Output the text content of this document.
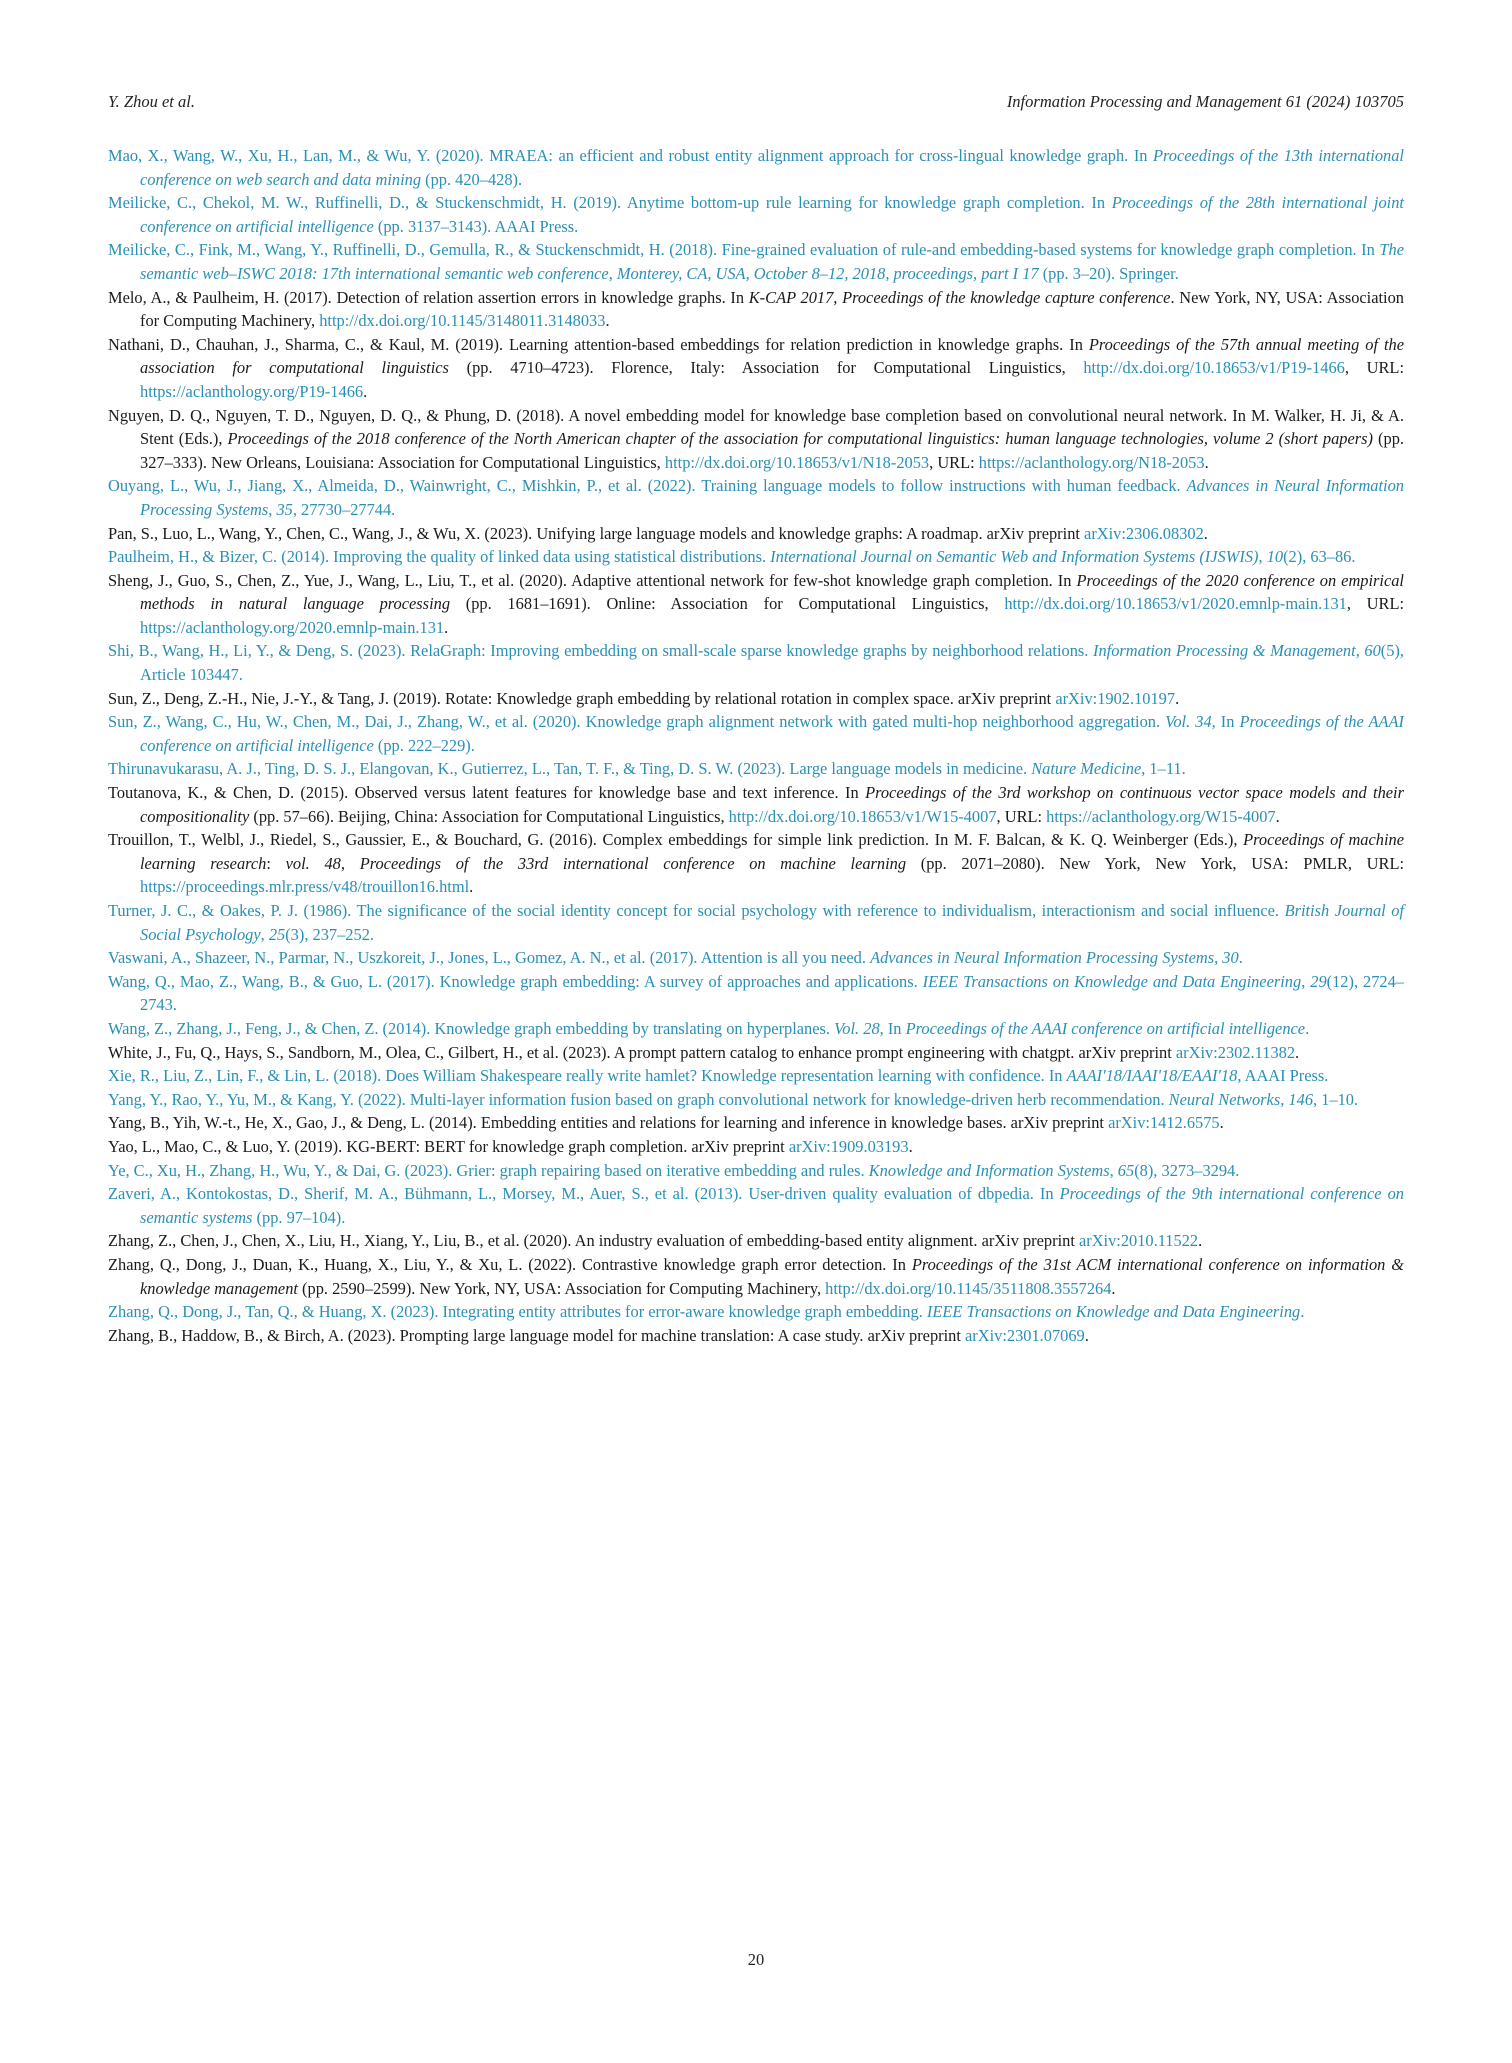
Y. Zhou et al.	Information Processing and Management 61 (2024) 103705
Mao, X., Wang, W., Xu, H., Lan, M., & Wu, Y. (2020). MRAEA: an efficient and robust entity alignment approach for cross-lingual knowledge graph. In Proceedings of the 13th international conference on web search and data mining (pp. 420–428).
Meilicke, C., Chekol, M. W., Ruffinelli, D., & Stuckenschmidt, H. (2019). Anytime bottom-up rule learning for knowledge graph completion. In Proceedings of the 28th international joint conference on artificial intelligence (pp. 3137–3143). AAAI Press.
Meilicke, C., Fink, M., Wang, Y., Ruffinelli, D., Gemulla, R., & Stuckenschmidt, H. (2018). Fine-grained evaluation of rule-and embedding-based systems for knowledge graph completion. In The semantic web–ISWC 2018: 17th international semantic web conference, Monterey, CA, USA, October 8–12, 2018, proceedings, part I 17 (pp. 3–20). Springer.
Melo, A., & Paulheim, H. (2017). Detection of relation assertion errors in knowledge graphs. In K-CAP 2017, Proceedings of the knowledge capture conference. New York, NY, USA: Association for Computing Machinery, http://dx.doi.org/10.1145/3148011.3148033.
Nathani, D., Chauhan, J., Sharma, C., & Kaul, M. (2019). Learning attention-based embeddings for relation prediction in knowledge graphs. In Proceedings of the 57th annual meeting of the association for computational linguistics (pp. 4710–4723). Florence, Italy: Association for Computational Linguistics, http://dx.doi.org/10.18653/v1/P19-1466, URL: https://aclanthology.org/P19-1466.
Nguyen, D. Q., Nguyen, T. D., Nguyen, D. Q., & Phung, D. (2018). A novel embedding model for knowledge base completion based on convolutional neural network. In M. Walker, H. Ji, & A. Stent (Eds.), Proceedings of the 2018 conference of the North American chapter of the association for computational linguistics: human language technologies, volume 2 (short papers) (pp. 327–333). New Orleans, Louisiana: Association for Computational Linguistics, http://dx.doi.org/10.18653/v1/N18-2053, URL: https://aclanthology.org/N18-2053.
Ouyang, L., Wu, J., Jiang, X., Almeida, D., Wainwright, C., Mishkin, P., et al. (2022). Training language models to follow instructions with human feedback. Advances in Neural Information Processing Systems, 35, 27730–27744.
Pan, S., Luo, L., Wang, Y., Chen, C., Wang, J., & Wu, X. (2023). Unifying large language models and knowledge graphs: A roadmap. arXiv preprint arXiv:2306.08302.
Paulheim, H., & Bizer, C. (2014). Improving the quality of linked data using statistical distributions. International Journal on Semantic Web and Information Systems (IJSWIS), 10(2), 63–86.
Sheng, J., Guo, S., Chen, Z., Yue, J., Wang, L., Liu, T., et al. (2020). Adaptive attentional network for few-shot knowledge graph completion. In Proceedings of the 2020 conference on empirical methods in natural language processing (pp. 1681–1691). Online: Association for Computational Linguistics, http://dx.doi.org/10.18653/v1/2020.emnlp-main.131, URL: https://aclanthology.org/2020.emnlp-main.131.
Shi, B., Wang, H., Li, Y., & Deng, S. (2023). RelaGraph: Improving embedding on small-scale sparse knowledge graphs by neighborhood relations. Information Processing & Management, 60(5), Article 103447.
Sun, Z., Deng, Z.-H., Nie, J.-Y., & Tang, J. (2019). Rotate: Knowledge graph embedding by relational rotation in complex space. arXiv preprint arXiv:1902.10197.
Sun, Z., Wang, C., Hu, W., Chen, M., Dai, J., Zhang, W., et al. (2020). Knowledge graph alignment network with gated multi-hop neighborhood aggregation. Vol. 34, In Proceedings of the AAAI conference on artificial intelligence (pp. 222–229).
Thirunavukarasu, A. J., Ting, D. S. J., Elangovan, K., Gutierrez, L., Tan, T. F., & Ting, D. S. W. (2023). Large language models in medicine. Nature Medicine, 1–11.
Toutanova, K., & Chen, D. (2015). Observed versus latent features for knowledge base and text inference. In Proceedings of the 3rd workshop on continuous vector space models and their compositionality (pp. 57–66). Beijing, China: Association for Computational Linguistics, http://dx.doi.org/10.18653/v1/W15-4007, URL: https://aclanthology.org/W15-4007.
Trouillon, T., Welbl, J., Riedel, S., Gaussier, E., & Bouchard, G. (2016). Complex embeddings for simple link prediction. In M. F. Balcan, & K. Q. Weinberger (Eds.), Proceedings of machine learning research: vol. 48, Proceedings of the 33rd international conference on machine learning (pp. 2071–2080). New York, New York, USA: PMLR, URL: https://proceedings.mlr.press/v48/trouillon16.html.
Turner, J. C., & Oakes, P. J. (1986). The significance of the social identity concept for social psychology with reference to individualism, interactionism and social influence. British Journal of Social Psychology, 25(3), 237–252.
Vaswani, A., Shazeer, N., Parmar, N., Uszkoreit, J., Jones, L., Gomez, A. N., et al. (2017). Attention is all you need. Advances in Neural Information Processing Systems, 30.
Wang, Q., Mao, Z., Wang, B., & Guo, L. (2017). Knowledge graph embedding: A survey of approaches and applications. IEEE Transactions on Knowledge and Data Engineering, 29(12), 2724–2743.
Wang, Z., Zhang, J., Feng, J., & Chen, Z. (2014). Knowledge graph embedding by translating on hyperplanes. Vol. 28, In Proceedings of the AAAI conference on artificial intelligence.
White, J., Fu, Q., Hays, S., Sandborn, M., Olea, C., Gilbert, H., et al. (2023). A prompt pattern catalog to enhance prompt engineering with chatgpt. arXiv preprint arXiv:2302.11382.
Xie, R., Liu, Z., Lin, F., & Lin, L. (2018). Does William Shakespeare really write hamlet? Knowledge representation learning with confidence. In AAAI'18/IAAI'18/EAAI'18, AAAI Press.
Yang, Y., Rao, Y., Yu, M., & Kang, Y. (2022). Multi-layer information fusion based on graph convolutional network for knowledge-driven herb recommendation. Neural Networks, 146, 1–10.
Yang, B., Yih, W.-t., He, X., Gao, J., & Deng, L. (2014). Embedding entities and relations for learning and inference in knowledge bases. arXiv preprint arXiv:1412.6575.
Yao, L., Mao, C., & Luo, Y. (2019). KG-BERT: BERT for knowledge graph completion. arXiv preprint arXiv:1909.03193.
Ye, C., Xu, H., Zhang, H., Wu, Y., & Dai, G. (2023). Grier: graph repairing based on iterative embedding and rules. Knowledge and Information Systems, 65(8), 3273–3294.
Zaveri, A., Kontokostas, D., Sherif, M. A., Bühmann, L., Morsey, M., Auer, S., et al. (2013). User-driven quality evaluation of dbpedia. In Proceedings of the 9th international conference on semantic systems (pp. 97–104).
Zhang, Z., Chen, J., Chen, X., Liu, H., Xiang, Y., Liu, B., et al. (2020). An industry evaluation of embedding-based entity alignment. arXiv preprint arXiv:2010.11522.
Zhang, Q., Dong, J., Duan, K., Huang, X., Liu, Y., & Xu, L. (2022). Contrastive knowledge graph error detection. In Proceedings of the 31st ACM international conference on information & knowledge management (pp. 2590–2599). New York, NY, USA: Association for Computing Machinery, http://dx.doi.org/10.1145/3511808.3557264.
Zhang, Q., Dong, J., Tan, Q., & Huang, X. (2023). Integrating entity attributes for error-aware knowledge graph embedding. IEEE Transactions on Knowledge and Data Engineering.
Zhang, B., Haddow, B., & Birch, A. (2023). Prompting large language model for machine translation: A case study. arXiv preprint arXiv:2301.07069.
20
